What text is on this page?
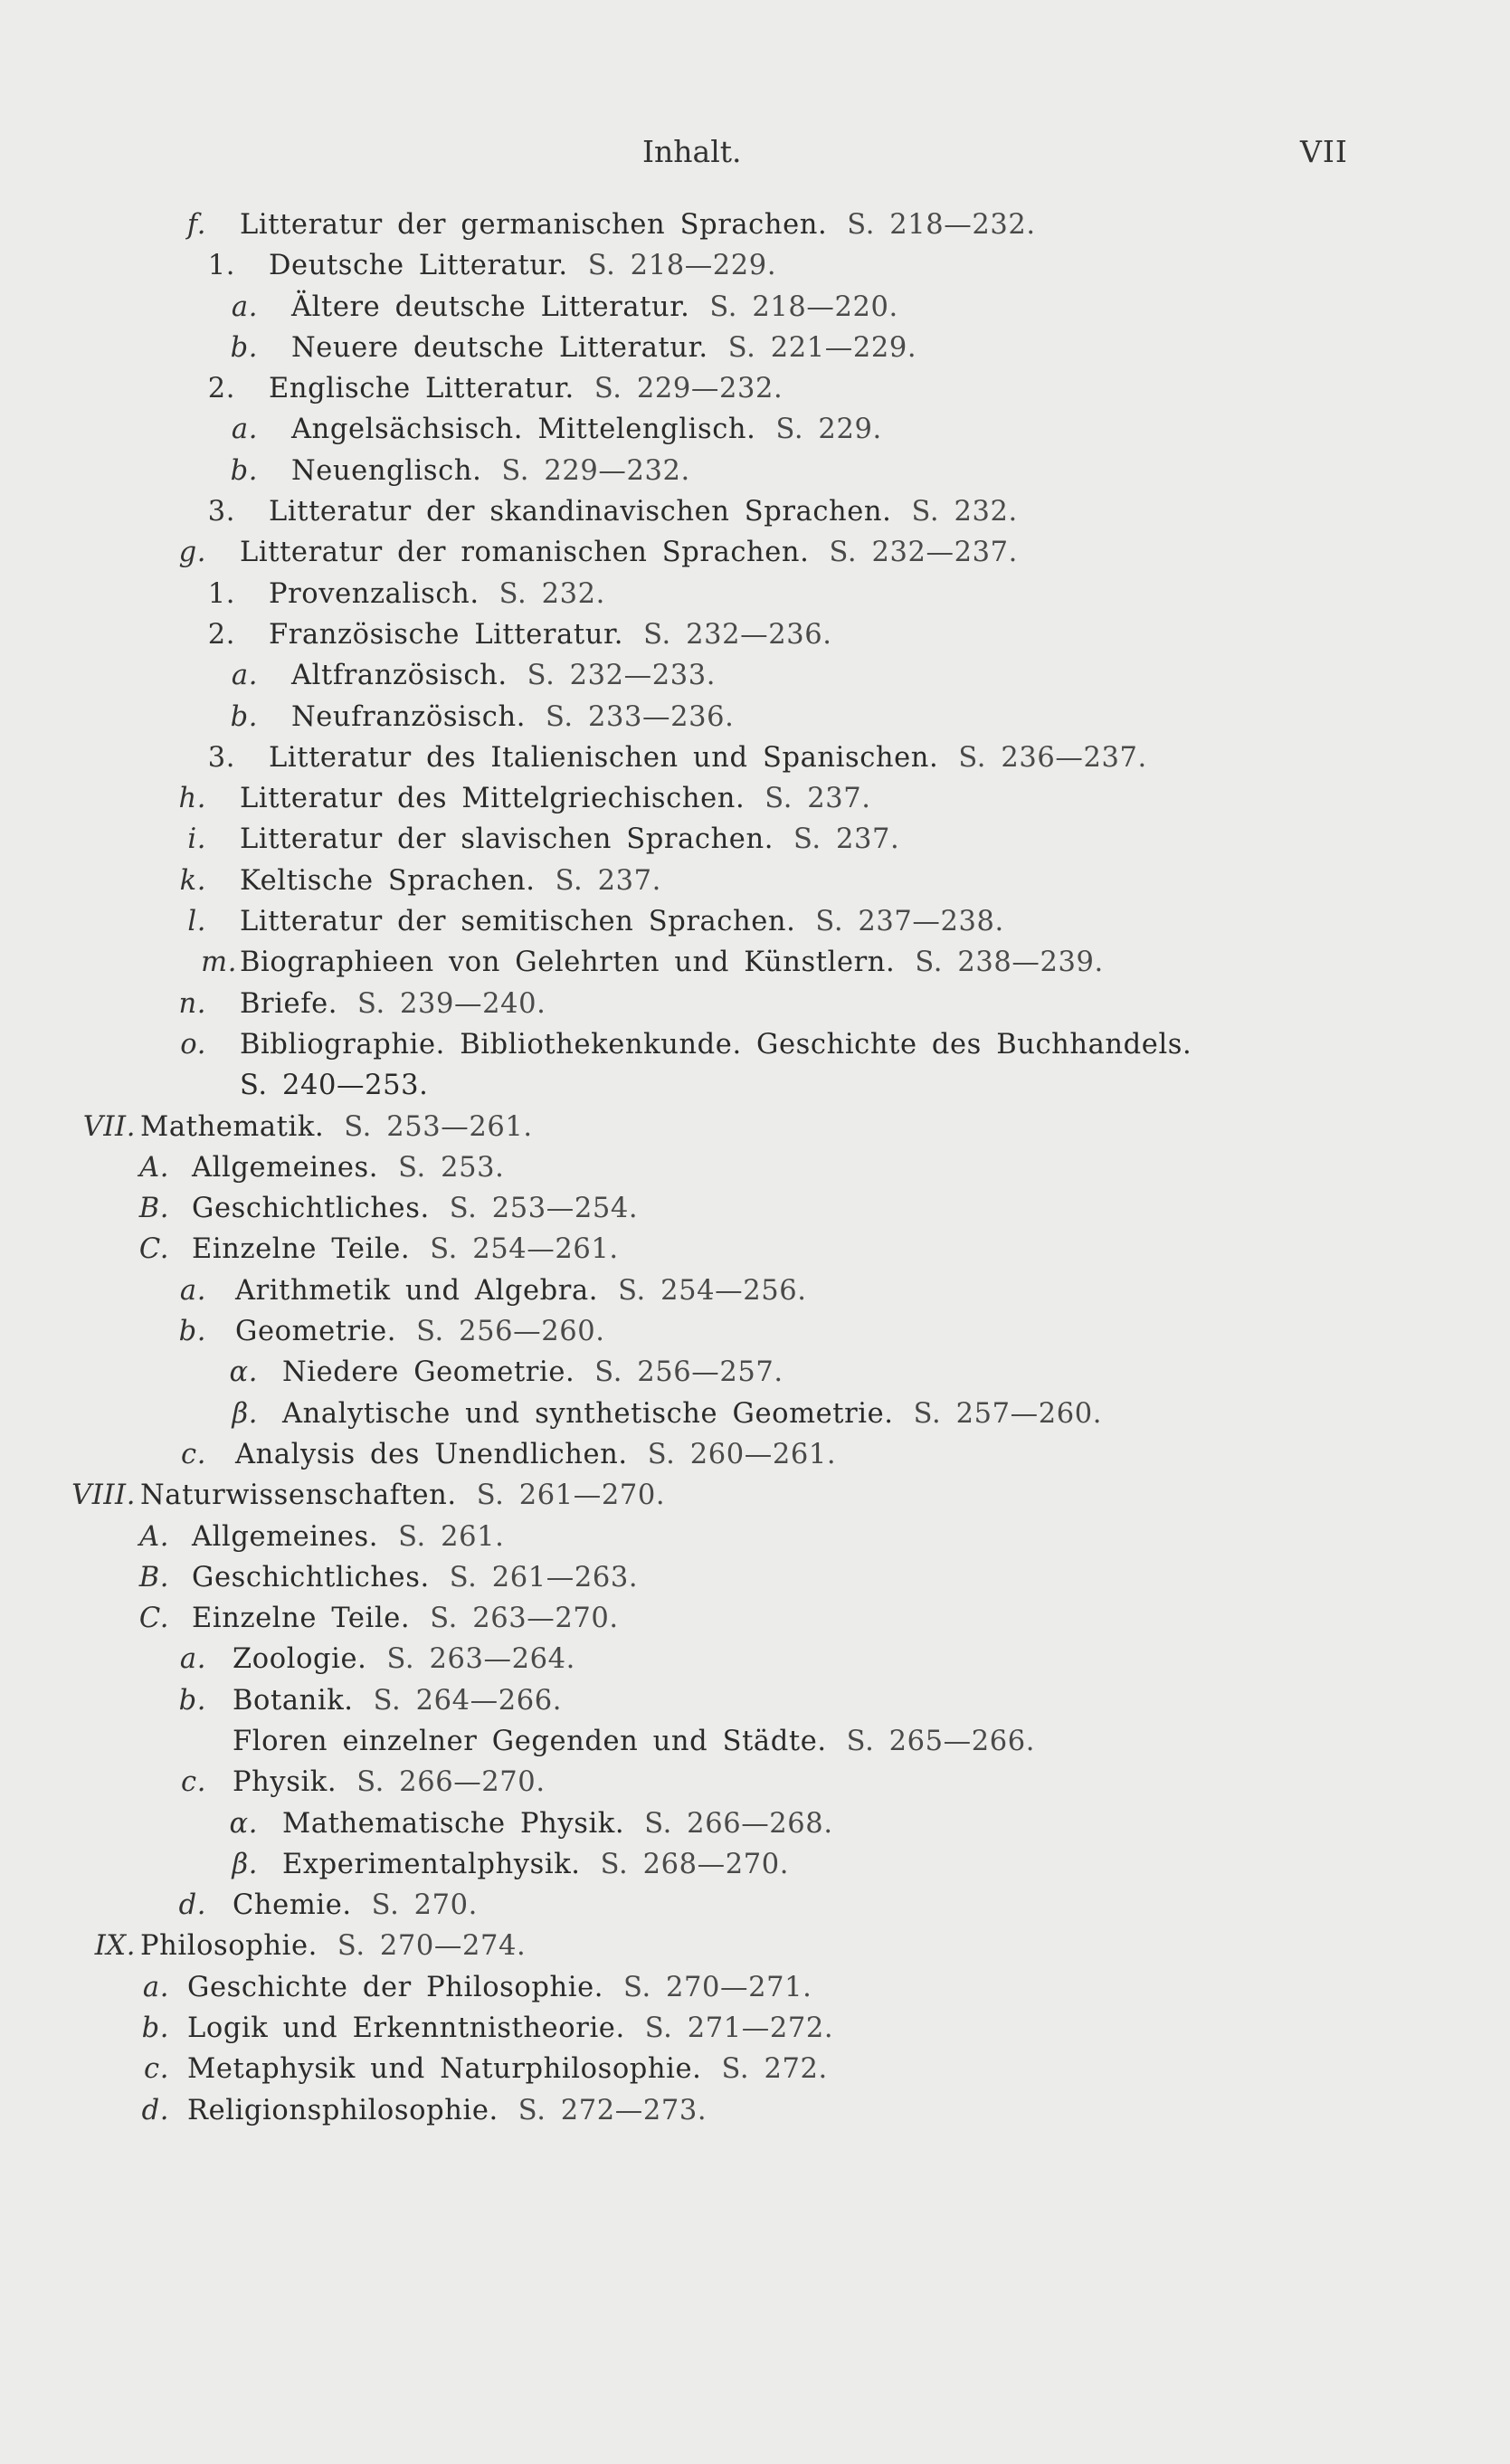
Inhalt.	VII
f. Litteratur der germanischen Sprachen. S. 218—232.
1. Deutsche Litteratur. S. 218—229.
a. Ältere deutsche Litteratur. S. 218—220.
b. Neuere deutsche Litteratur. S. 221—229.
2. Englische Litteratur. S. 229—232.
a. Angelsächsisch. Mittelenglisch. S. 229.
b. Neuenglisch. S. 229—232.
3. Litteratur der skandinavischen Sprachen. S. 232.
g. Litteratur der romanischen Sprachen. S. 232—237.
1. Provenzalisch. S. 232.
2. Französische Litteratur. S. 232—236.
a. Altfranzösisch. S. 232—233.
b. Neufranzösisch. S. 233—236.
3. Litteratur des Italienischen und Spanischen. S. 236—237.
h. Litteratur des Mittelgriechischen. S. 237.
i. Litteratur der slavischen Sprachen. S. 237.
k. Keltische Sprachen. S. 237.
l. Litteratur der semitischen Sprachen. S. 237—238.
m. Biographieen von Gelehrten und Künstlern. S. 238—239.
n. Briefe. S. 239—240.
o. Bibliographie. Bibliothekenkunde. Geschichte des Buchhandels.
S. 240—253.
VII. Mathematik. S. 253—261.
A. Allgemeines. S. 253.
B. Geschichtliches. S. 253—254.
C. Einzelne Teile. S. 254—261.
a. Arithmetik und Algebra. S. 254—256.
b. Geometrie. S. 256—260.
α. Niedere Geometrie. S. 256—257.
β. Analytische und synthetische Geometrie. S. 257—260.
c. Analysis des Unendlichen. S. 260—261.
VIII. Naturwissenschaften. S. 261—270.
A. Allgemeines. S. 261.
B. Geschichtliches. S. 261—263.
C. Einzelne Teile. S. 263—270.
a. Zoologie. S. 263—264.
b. Botanik. S. 264—266.
Floren einzelner Gegenden und Städte. S. 265—266.
c. Physik. S. 266—270.
α. Mathematische Physik. S. 266—268.
β. Experimentalphysik. S. 268—270.
d. Chemie. S. 270.
IX. Philosophie. S. 270—274.
a. Geschichte der Philosophie. S. 270—271.
b. Logik und Erkenntnistheorie. S. 271—272.
c. Metaphysik und Naturphilosophie. S. 272.
d. Religionsphilosophie. S. 272—273.
